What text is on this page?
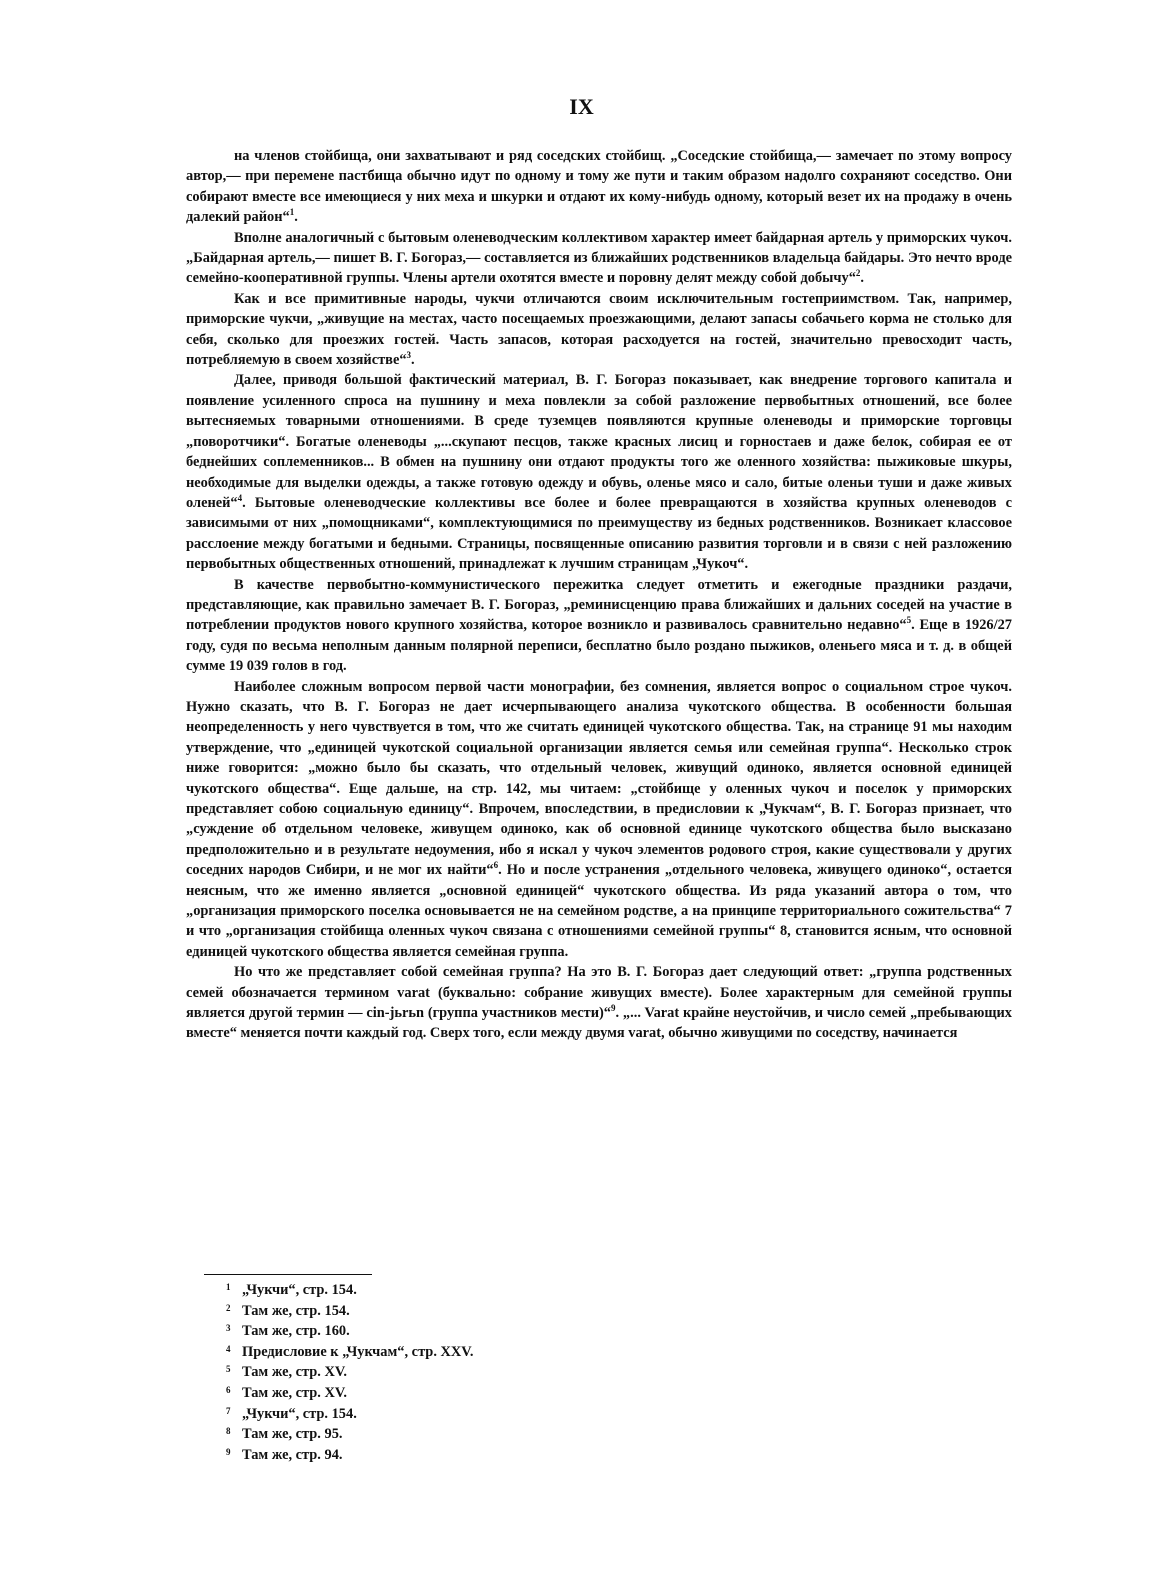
IX

на членов стойбища, они захватывают и ряд соседских стойбищ. „Соседские стойбища,— замечает по этому вопросу автор,— при перемене пастбища обычно идут по одному и тому же пути и таким образом надолго сохраняют соседство. Они собирают вместе все имеющиеся у них меха и шкурки и отдают их кому-нибудь одному, который везет их на продажу в очень далекий район“$^1$.

Вполне аналогичный с бытовым оленеводческим коллективом характер имеет байдарная артель у приморских чукоч. „Байдарная артель,— пишет В. Г. Богораз,— составляется из ближайших родственников владельца байдары. Это нечто вроде семейно-кооперативной группы. Члены артели охотятся вместе и поровну делят между собой добычу“$^2$.

Как и все примитивные народы, чукчи отличаются своим исключительным гостеприимством. Так, например, приморские чукчи, „живущие на местах, часто посещаемых проезжающими, делают запасы собачьего корма не столько для себя, сколько для проезжих гостей. Часть запасов, которая расходуется на гостей, значительно превосходит часть, потребляемую в своем хозяйстве“$^3$.

Далее, приводя большой фактический материал, В. Г. Богораз показывает, как внедрение торгового капитала и появление усиленного спроса на пушнину и меха повлекли за собой разложение первобытных отношений, все более вытесняемых товарными отношениями. В среде туземцев появляются крупные оленеводы и приморские торговцы „поворотчики“. Богатые оленеводы „...скупают песцов, также красных лисиц и горностаев и даже белок, собирая ее от беднейших соплеменников... В обмен на пушнину они отдают продукты того же оленного хозяйства: пыжиковые шкуры, необходимые для выделки одежды, а также готовую одежду и обувь, оленье мясо и сало, битые оленьи туши и даже живых оленей“$^4$. Бытовые оленеводческие коллективы все более и более превращаются в хозяйства крупных оленеводов с зависимыми от них „помощниками“, комплектующимися по преимуществу из бедных родственников. Возникает классовое расслоение между богатыми и бедными. Страницы, посвященные описанию развития торговли и в связи с ней разложению первобытных общественных отношений, принадлежат к лучшим страницам „Чукоч“.

В качестве первобытно-коммунистического пережитка следует отметить и ежегодные праздники раздачи, представляющие, как правильно замечает В. Г. Богораз, „реминисценцию права ближайших и дальних соседей на участие в потреблении продуктов нового крупного хозяйства, которое возникло и развивалось сравнительно недавно“$^5$. Еще в 1926/27 году, судя по весьма неполным данным полярной переписи, бесплатно было роздано пыжиков, оленьего мяса и т. д. в общей сумме 19 039 голов в год.

Наиболее сложным вопросом первой части монографии, без сомнения, является вопрос о социальном строе чукоч. Нужно сказать, что В. Г. Богораз не дает исчерпывающего анализа чукотского общества. В особенности большая неопределенность у него чувствуется в том, что же считать единицей чукотского общества. Так, на странице 91 мы находим утверждение, что „единицей чукотской социальной организации является семья или семейная группа“. Несколько строк ниже говорится: „можно было бы сказать, что отдельный человек, живущий одиноко, является основной единицей чукотского общества“. Еще дальше, на стр. 142, мы читаем: „стойбище у оленных чукоч и поселок у приморских представляет собою социальную единицу“. Впрочем, впоследствии, в предисловии к „Чукчам“, В. Г. Богораз признает, что „суждение об отдельном человеке, живущем одиноко, как об основной единице чукотского общества было высказано предположительно и в результате недоумения, ибо я искал у чукоч элементов родового строя, какие существовали у других соседних народов Сибири, и не мог их найти“$^6$. Но и после устранения „отдельного человека, живущего одиноко“, остается неясным, что же именно является „основной единицей“ чукотского общества. Из ряда указаний автора о том, что „организация приморского поселка основывается не на семейном родстве, а на принципе территориального сожительства“ 7 и что „организация стойбища оленных чукоч связана с отношениями семейной группы“ 8, становится ясным, что основной единицей чукотского общества является семейная группа.

Но что же представляет собой семейная группа? На это В. Г. Богораз дает следующий ответ: „группа родственных семей обозначается термином varat (буквально: собрание живущих вместе). Более характерным для семейной группы является другой термин — cin-jьrьn (группа участников мести)“$^9$. „... Varat крайне неустойчив, и число семей „пребывающих вместе“ меняется почти каждый год. Сверх того, если между двумя varat, обычно живущими по соседству, начинается

1 „Чукчи“, стр. 154.
2 Там же, стр. 154.
3 Там же, стр. 160.
4 Предисловие к „Чукчам“, стр. XXV.
5 Там же, стр. XV.
6 Там же, стр. XV.
7 „Чукчи“, стр. 154.
8 Там же, стр. 95.
9 Там же, стр. 94.
